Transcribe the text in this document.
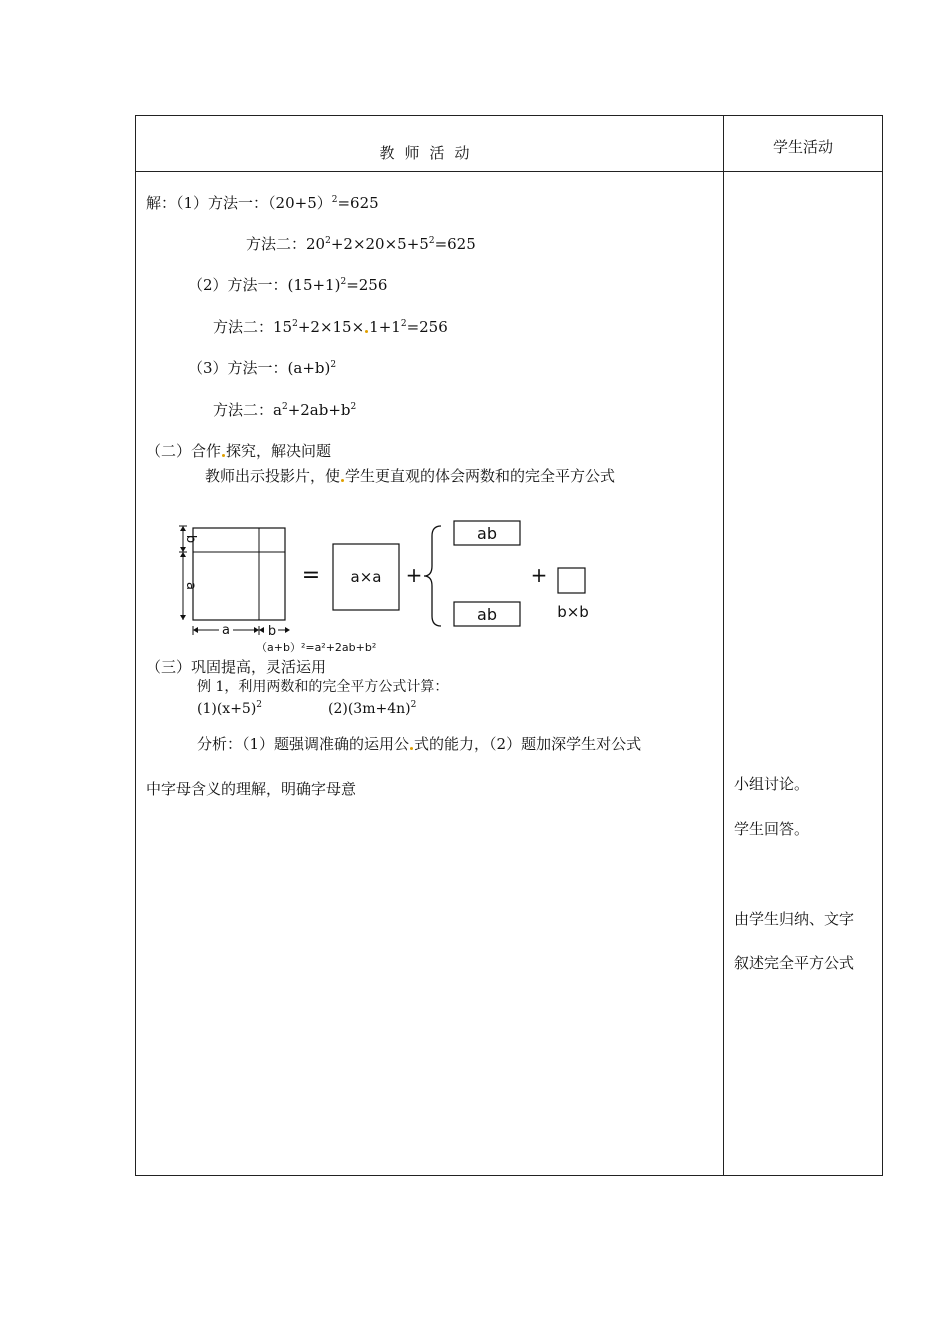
教师活动	学生活动
解：（1）方法一：$(20+5)^2=625$
方法二：$20^2+2\times 20\times 5+5^2=625$
（2）方法一：$(15+1)^2=256$
方法二：$15^2+2\times 15\times 1+1^2=256$
（3）方法一：$(a+b)^2$
方法二：$a^2+2ab+b^2$
（二）合作 探究，解决问题
教师出示投影片，使 学生更直观的体会两数和的完全平方公式
b
a
a	b
= a×a +
ab
ab
+
b×b
（a+b）²=a²+2ab+b²
（三）巩固提高，灵活运用
例 1，利用两数和的完全平方公式计算：
$(1)(x+5)^2$	$(2)(3m+4n)^2$
分析：（1）题强调准确的运用公 式的能力，（2）题加深学生对公式
中字母含义的理解，明确字母意	小组讨论。
学生回答。
由学生归纳、文字
叙述完全平方公式
